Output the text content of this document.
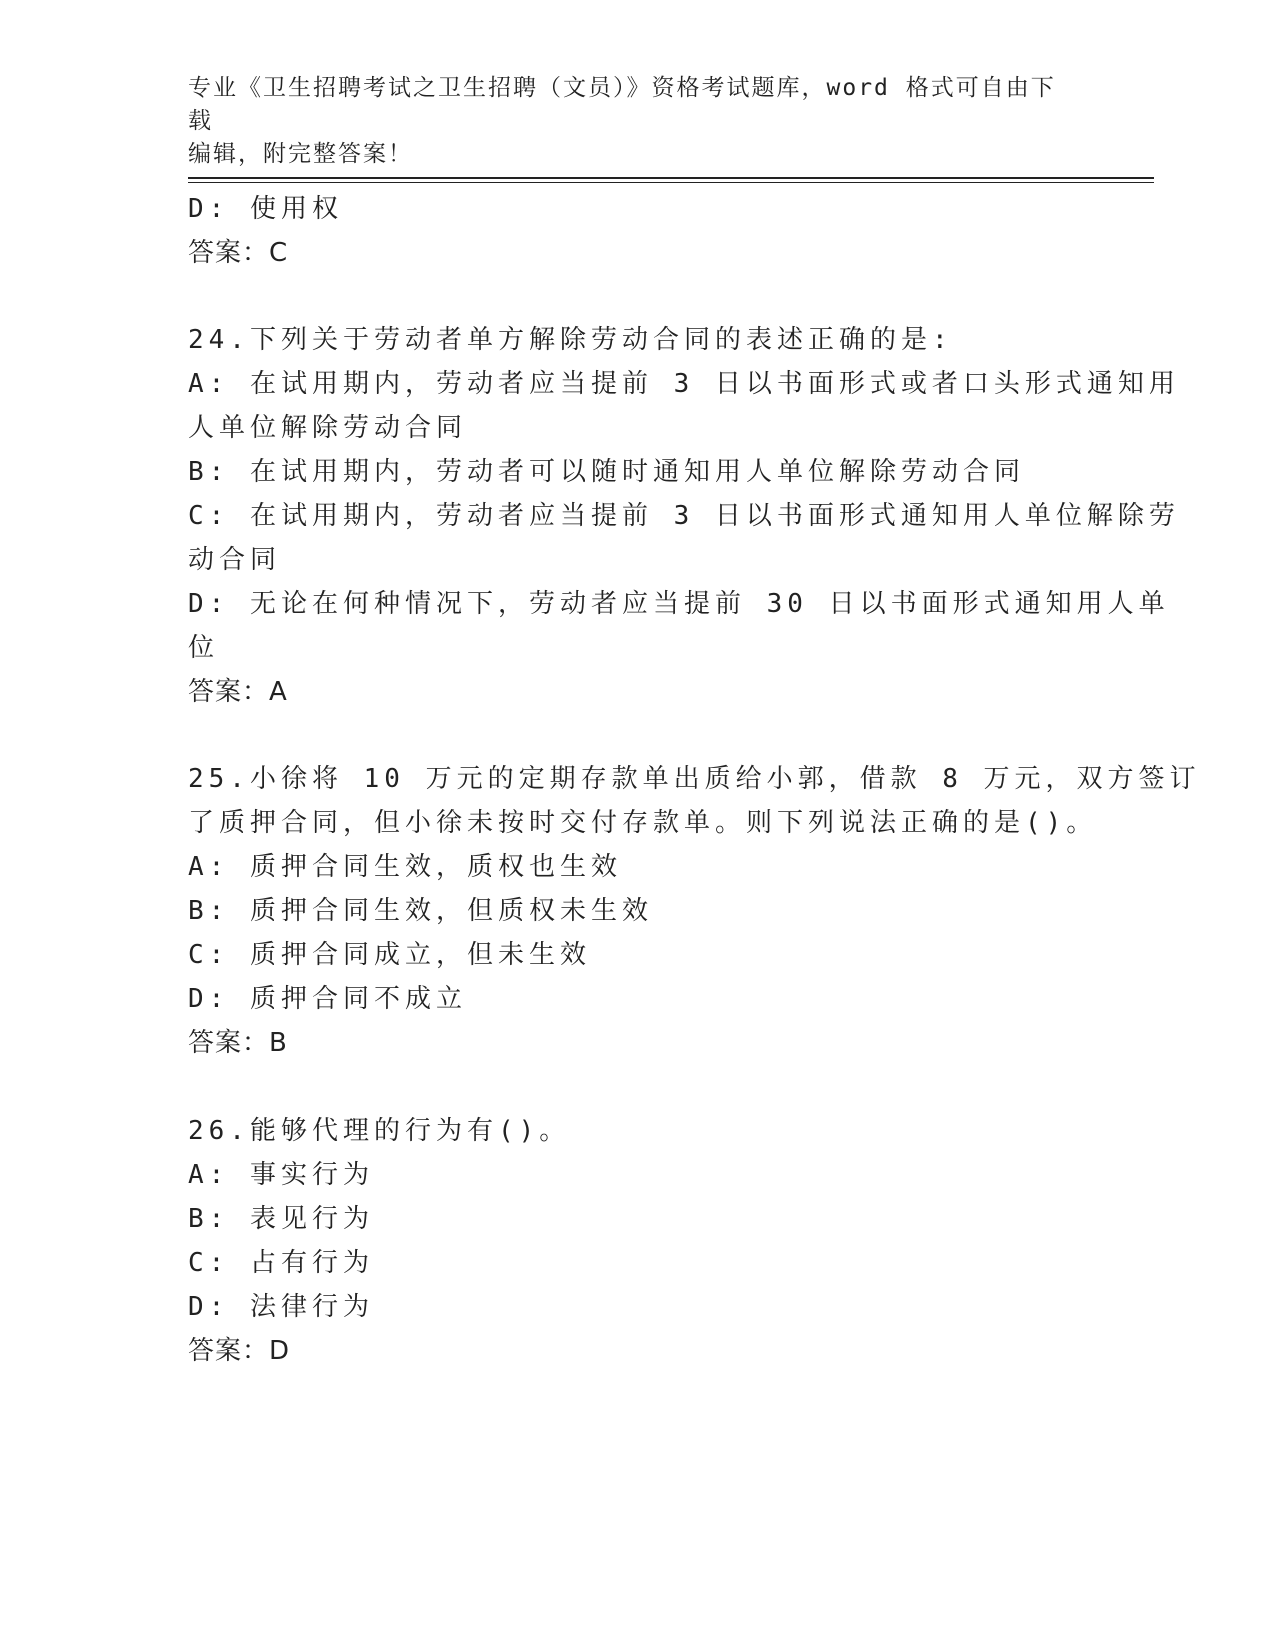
专业《卫生招聘考试之卫生招聘（文员）》资格考试题库，word 格式可自由下载
编辑，附完整答案！
D: 使用权
答案：C
24.下列关于劳动者单方解除劳动合同的表述正确的是:
A: 在试用期内，劳动者应当提前 3 日以书面形式或者口头形式通知用
人单位解除劳动合同
B: 在试用期内，劳动者可以随时通知用人单位解除劳动合同
C: 在试用期内，劳动者应当提前 3 日以书面形式通知用人单位解除劳
动合同
D: 无论在何种情况下，劳动者应当提前 30 日以书面形式通知用人单
位
答案：A
25.小徐将 10 万元的定期存款单出质给小郭，借款 8 万元，双方签订
了质押合同，但小徐未按时交付存款单。则下列说法正确的是()。
A: 质押合同生效，质权也生效
B: 质押合同生效，但质权未生效
C: 质押合同成立，但未生效
D: 质押合同不成立
答案：B
26.能够代理的行为有()。
A: 事实行为
B: 表见行为
C: 占有行为
D: 法律行为
答案：D
